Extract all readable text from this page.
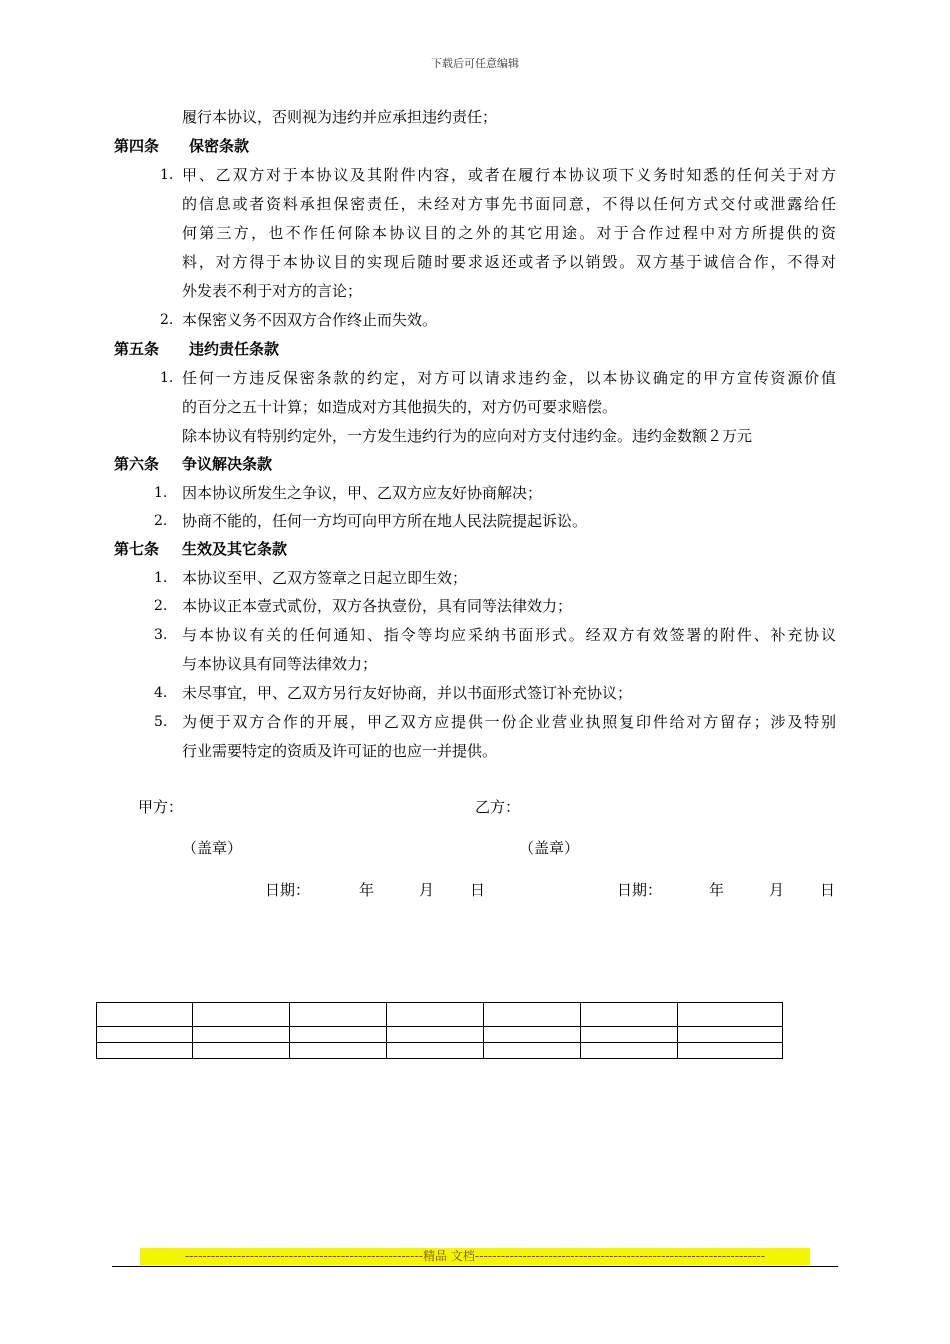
下载后可任意编辑
履行本协议，否则视为违约并应承担违约责任；
第四条 保密条款
1. 甲、乙双方对于本协议及其附件内容，或者在履行本协议项下义务时知悉的任何关于对方
的信息或者资料承担保密责任，未经对方事先书面同意，不得以任何方式交付或泄露给任
何第三方，也不作任何除本协议目的之外的其它用途。对于合作过程中对方所提供的资
料，对方得于本协议目的实现后随时要求返还或者予以销毁。双方基于诚信合作，不得对
外发表不利于对方的言论；
2. 本保密义务不因双方合作终止而失效。
第五条 违约责任条款
1. 任何一方违反保密条款的约定，对方可以请求违约金，以本协议确定的甲方宣传资源价值
的百分之五十计算；如造成对方其他损失的，对方仍可要求赔偿。
除本协议有特别约定外，一方发生违约行为的应向对方支付违约金。违约金数额２万元
第六条 争议解决条款
1. 因本协议所发生之争议，甲、乙双方应友好协商解决；
2. 协商不能的，任何一方均可向甲方所在地人民法院提起诉讼。
第七条 生效及其它条款
1. 本协议至甲、乙双方签章之日起立即生效；
2. 本协议正本壹式贰份，双方各执壹份，具有同等法律效力；
3. 与本协议有关的任何通知、指令等均应采纳书面形式。经双方有效签署的附件、补充协议
与本协议具有同等法律效力；
4. 未尽事宜，甲、乙双方另行友好协商，并以书面形式签订补充协议；
5. 为便于双方合作的开展，甲乙双方应提供一份企业营业执照复印件给对方留存；涉及特别
行业需要特定的资质及许可证的也应一并提供。
甲方：	乙方：
（盖章）	（盖章）
日期：	年	月 日	日期：	年	月 日

-------------------------------------------------------精品 文档-------------------------------------------------------------------
